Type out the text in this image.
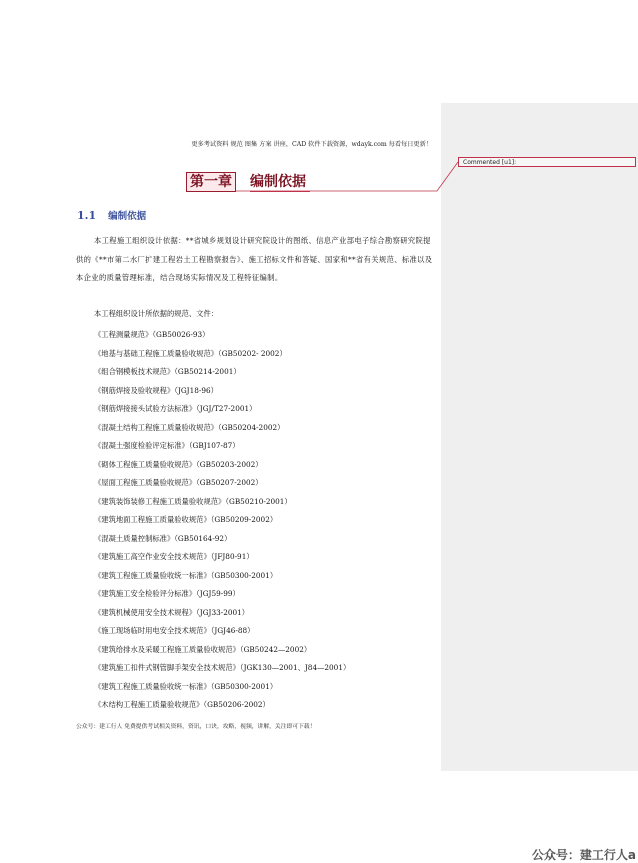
Commented [u1]:
更多考试资料 规范 图集 方案 讲座，CAD 软件下载资源，wdayk.com 每看每日更新！
第一章 编制依据
1.1 编制依据
本工程施工组织设计依据：**省城乡规划设计研究院设计的图纸、信息产业部电子综合勘察研究院提供的《**市第二水厂扩建工程岩土工程勘察报告》、施工招标文件和答疑、国家和**省有关规范、标准以及本企业的质量管理标准，结合现场实际情况及工程特征编制。
本工程组织设计所依据的规范、文件：
《工程测量规范》（GB50026-93）
《地基与基础工程施工质量验收规范》（GB50202- 2002）
《组合钢模板技术规范》（GB50214-2001）
《钢筋焊接及验收规程》（JGJ18-96）
《钢筋焊接接头试验方法标准》（JGJ/T27-2001）
《混凝土结构工程施工质量验收规范》（GB50204-2002）
《混凝土强度检验评定标准》（GBJ107-87）
《砌体工程施工质量验收规范》（GB50203-2002）
《屋面工程施工质量验收规范》（GB50207-2002）
《建筑装饰装修工程施工质量验收规范》（GB50210-2001）
《建筑地面工程施工质量验收规范》（GB50209-2002）
《混凝土质量控制标准》（GB50164-92）
《建筑施工高空作业安全技术规范》（JFJ80-91）
《建筑工程施工质量验收统一标准》（GB50300-2001）
《建筑施工安全检验评分标准》（JGJ59-99）
《建筑机械使用安全技术规程》（JGJ33-2001）
《施工现场临时用电安全技术规范》（JGJ46-88）
《建筑给排水及采暖工程施工质量验收规范》（GB50242—2002）
《建筑施工扣件式钢管脚手架安全技术规范》（JGK130—2001、J84—2001）
《建筑工程施工质量验收统一标准》（GB50300-2001）
《木结构工程施工质量验收规范》（GB50206-2002）
公众号：建工行人 免费提供考试相关资料，资讯，口诀，攻略，视频，讲解，关注即可下载！
公众号：建工行人a
